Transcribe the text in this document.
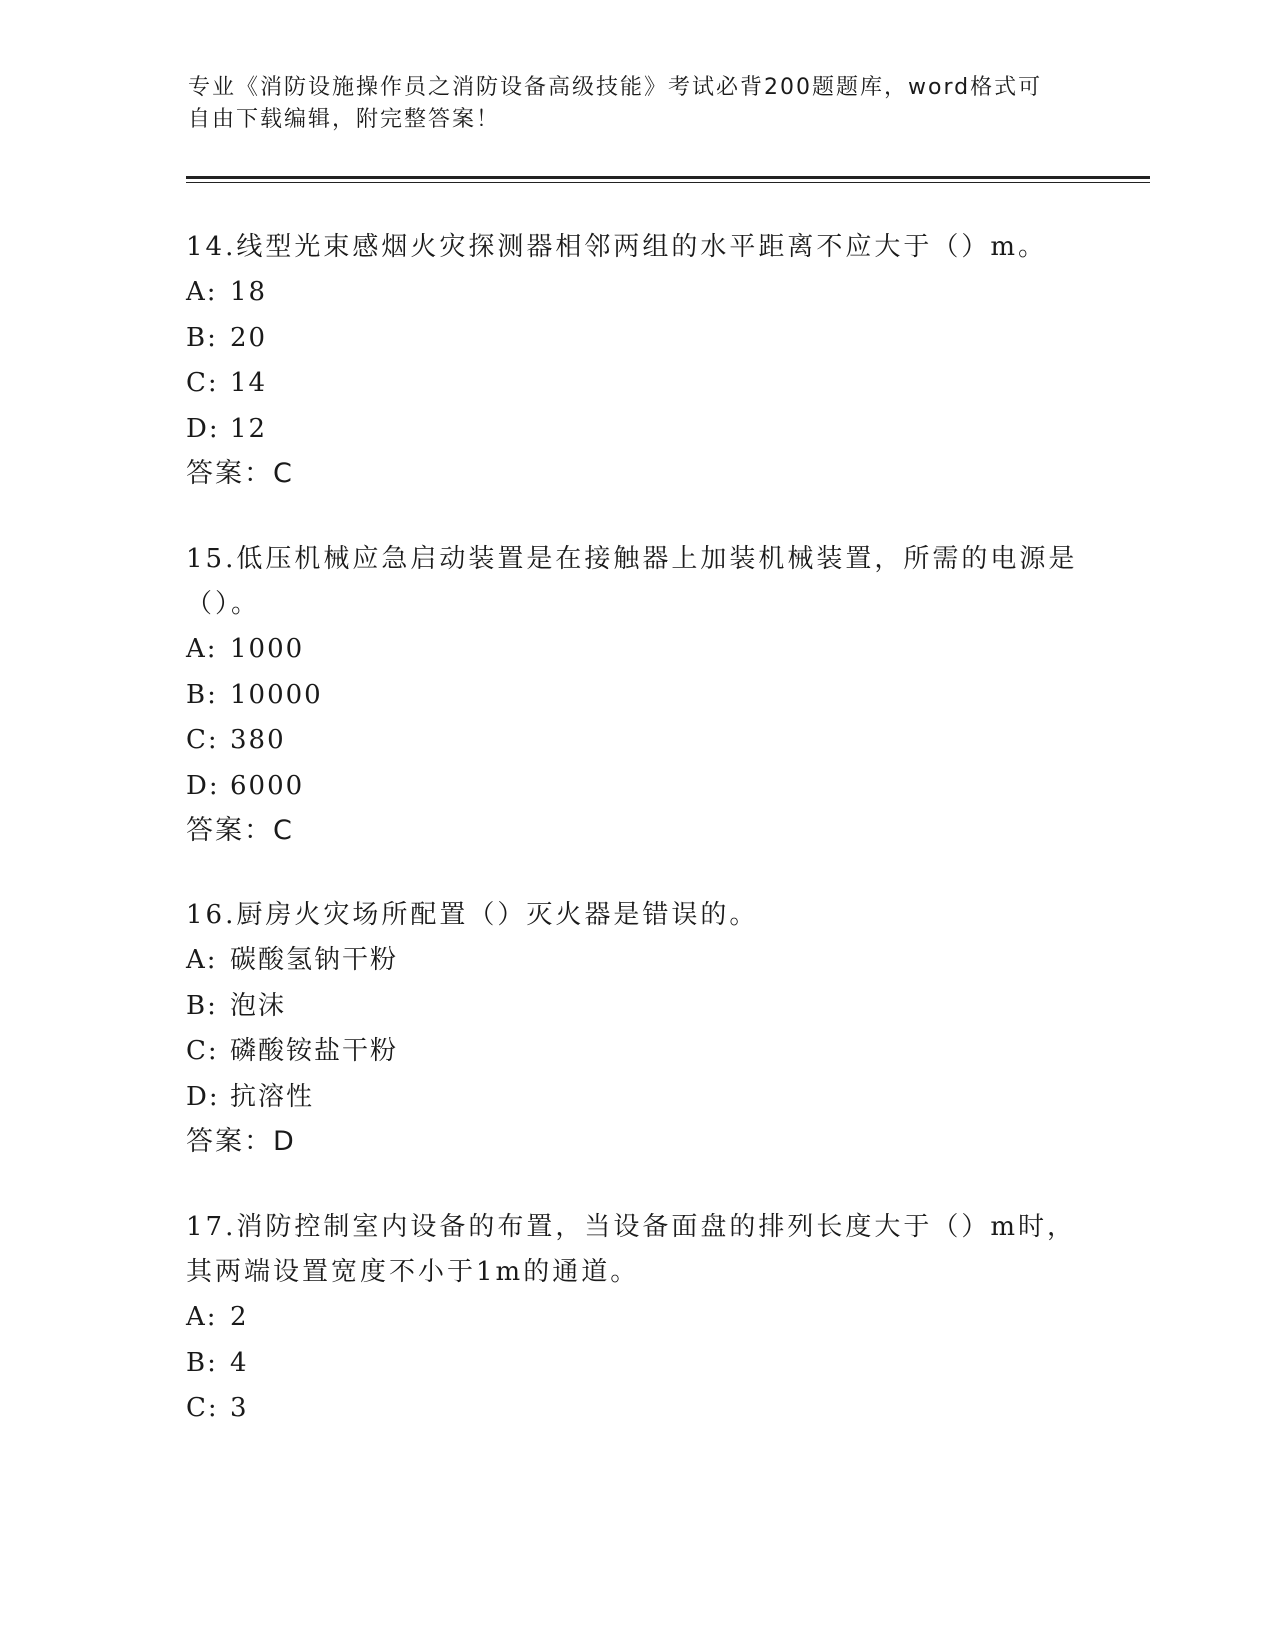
专业《消防设施操作员之消防设备高级技能》考试必背200题题库，word格式可
自由下载编辑，附完整答案！
14.线型光束感烟火灾探测器相邻两组的水平距离不应大于（）m。
A: 18
B: 20
C: 14
D: 12
答案：C
15.低压机械应急启动装置是在接触器上加装机械装置，所需的电源是
（）。
A: 1000
B: 10000
C: 380
D: 6000
答案：C
16.厨房火灾场所配置（）灭火器是错误的。
A: 碳酸氢钠干粉
B: 泡沫
C: 磷酸铵盐干粉
D: 抗溶性
答案：D
17.消防控制室内设备的布置，当设备面盘的排列长度大于（）m时，
其两端设置宽度不小于1m的通道。
A: 2
B: 4
C: 3
